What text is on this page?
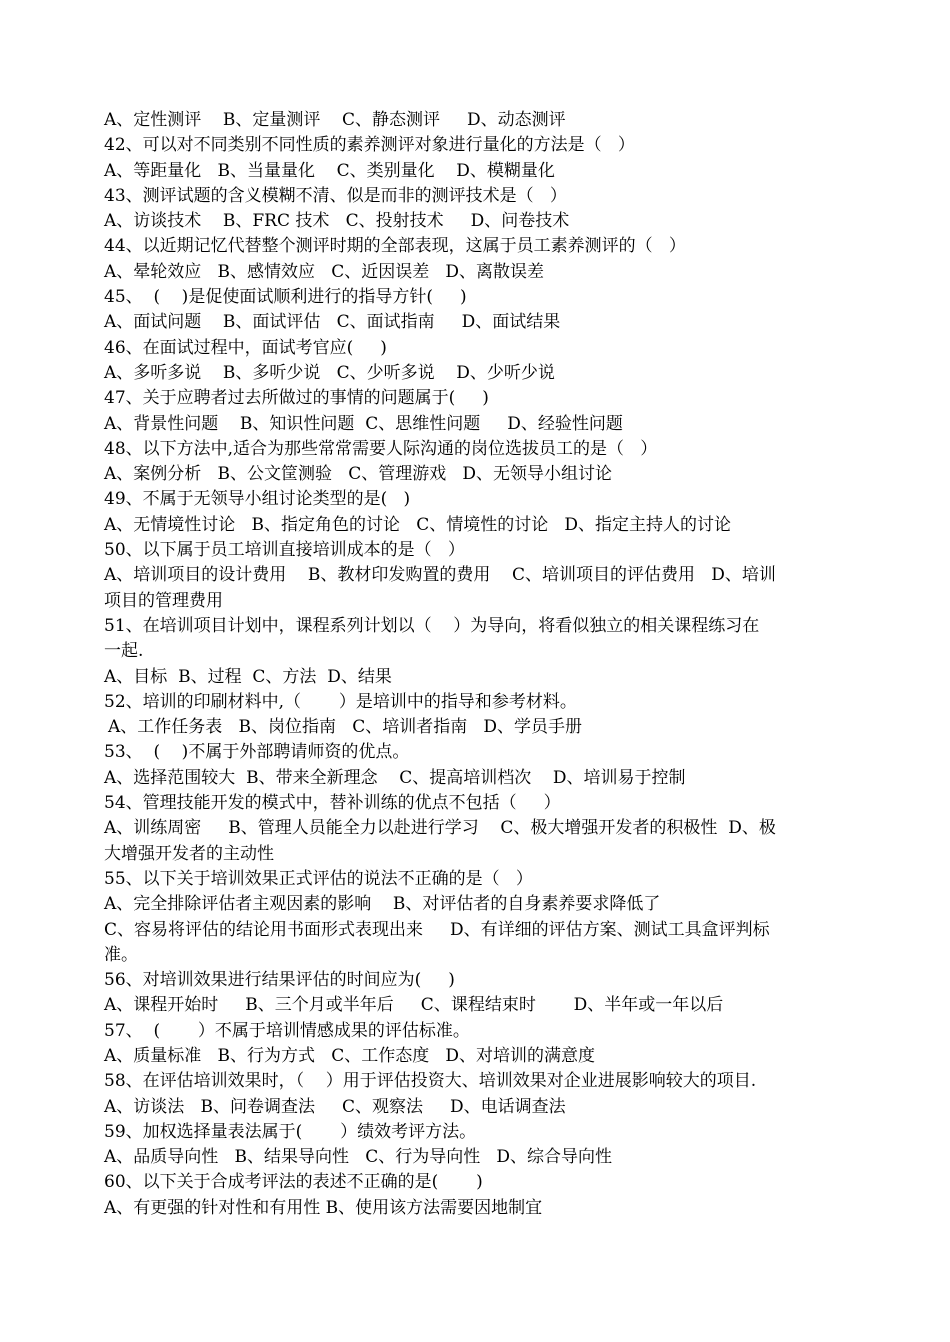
A、定性测评    B、定量测评    C、静态测评     D、动态测评
42、可以对不同类别不同性质的素养测评对象进行量化的方法是（   ）
A、等距量化   B、当量量化    C、类别量化    D、模糊量化
43、测评试题的含义模糊不清、似是而非的测评技术是（   ）
A、访谈技术    B、FRC 技术   C、投射技术     D、问卷技术
44、以近期记忆代替整个测评时期的全部表现，这属于员工素养测评的（   ）
A、晕轮效应   B、感情效应   C、近因误差   D、离散误差
45、  (    )是促使面试顺利进行的指导方针(     )
A、面试问题    B、面试评估   C、面试指南     D、面试结果
46、在面试过程中，面试考官应(     )
A、多听多说    B、多听少说   C、少听多说    D、少听少说
47、关于应聘者过去所做过的事情的问题属于(     )
A、背景性问题    B、知识性问题  C、思维性问题     D、经验性问题
48、以下方法中,适合为那些常常需要人际沟通的岗位选拔员工的是（   ）
A、案例分析   B、公文筐测验   C、管理游戏   D、无领导小组讨论
49、不属于无领导小组讨论类型的是(   )
A、无情境性讨论   B、指定角色的讨论   C、情境性的讨论   D、指定主持人的讨论
50、以下属于员工培训直接培训成本的是（   ）
A、培训项目的设计费用    B、教材印发购置的费用    C、培训项目的评估费用   D、培训
项目的管理费用
51、在培训项目计划中，课程系列计划以（    ）为导向，将看似独立的相关课程练习在
一起.
A、目标  B、过程  C、方法  D、结果
52、培训的印刷材料中,（       ）是培训中的指导和参考材料。
A、工作任务表   B、岗位指南   C、培训者指南   D、学员手册
53、  (    )不属于外部聘请师资的优点。
A、选择范围较大  B、带来全新理念    C、提高培训档次    D、培训易于控制
54、管理技能开发的模式中，替补训练的优点不包括（     ）
A、训练周密     B、管理人员能全力以赴进行学习    C、极大增强开发者的积极性  D、极
大增强开发者的主动性
55、以下关于培训效果正式评估的说法不正确的是（   ）
A、完全排除评估者主观因素的影响    B、对评估者的自身素养要求降低了
C、容易将评估的结论用书面形式表现出来     D、有详细的评估方案、测试工具盒评判标
准。
56、对培训效果进行结果评估的时间应为(     )
A、课程开始时     B、三个月或半年后     C、课程结束时       D、半年或一年以后
57、  (       ）不属于培训情感成果的评估标准。
A、质量标准   B、行为方式   C、工作态度   D、对培训的满意度
58、在评估培训效果时，（    ）用于评估投资大、培训效果对企业进展影响较大的项目.
A、访谈法   B、问卷调查法     C、观察法     D、电话调查法
59、加权选择量表法属于(       ）绩效考评方法。
A、品质导向性   B、结果导向性   C、行为导向性   D、综合导向性
60、以下关于合成考评法的表述不正确的是(       )
A、有更强的针对性和有用性 B、使用该方法需要因地制宜
